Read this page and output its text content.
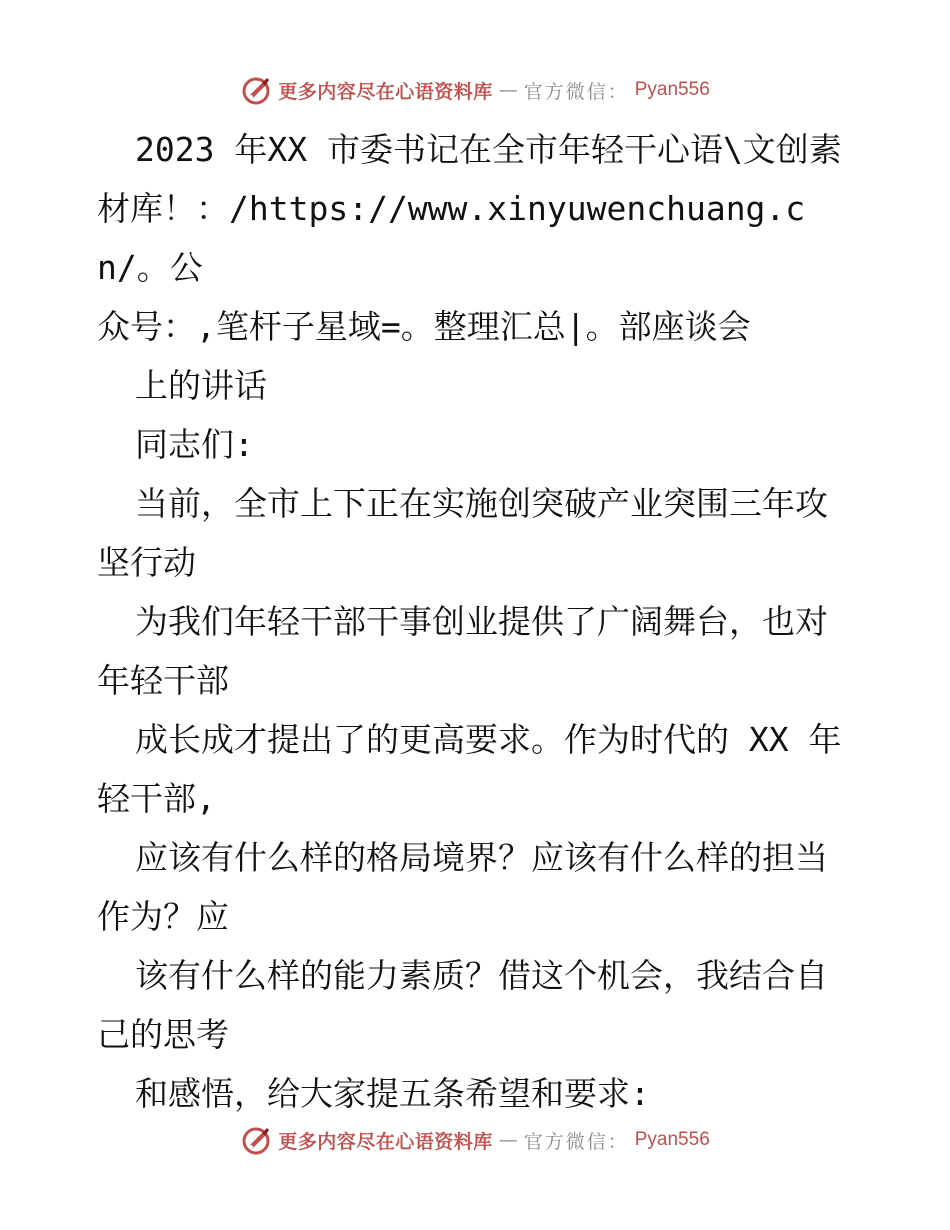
更多内容尽在心语资料库 — 官方微信： Pyan556

2023 年XX 市委书记在全市年轻干心语\文创素
材库！：/https://www.xinyuwenchuang.cn/。公
众号：,笔杆子星域=。整理汇总|。部座谈会

上的讲话

同志们:

当前，全市上下正在实施创突破产业突围三年攻
坚行动

为我们年轻干部干事创业提供了广阔舞台，也对
年轻干部

成长成才提出了的更高要求。作为时代的 XX 年
轻干部,

应该有什么样的格局境界？应该有什么样的担当
作为？应

该有什么样的能力素质？借这个机会，我结合自
己的思考

和感悟，给大家提五条希望和要求:

更多内容尽在心语资料库 — 官方微信： Pyan556
